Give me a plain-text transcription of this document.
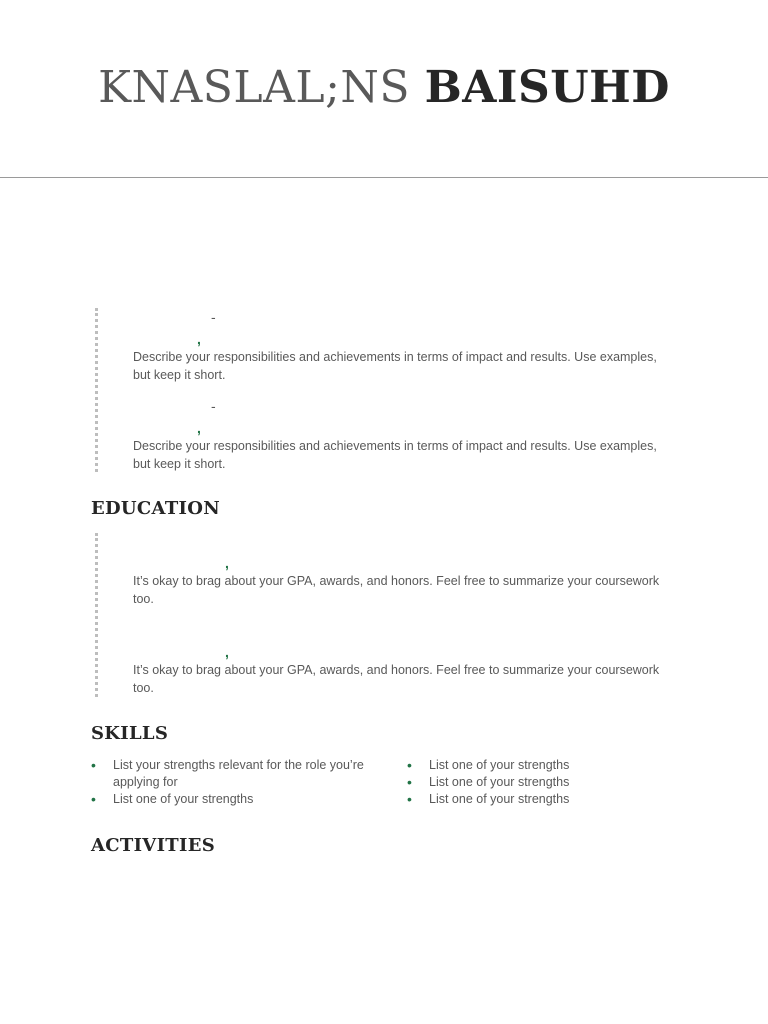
KNASLAL;NS BAISUHD
-
,
Describe your responsibilities and achievements in terms of impact and results. Use examples, but keep it short.
-
,
Describe your responsibilities and achievements in terms of impact and results. Use examples, but keep it short.
EDUCATION
,
It’s okay to brag about your GPA, awards, and honors. Feel free to summarize your coursework too.
,
It’s okay to brag about your GPA, awards, and honors. Feel free to summarize your coursework too.
SKILLS
• List your strengths relevant for the role you’re applying for
• List one of your strengths
• List one of your strengths
• List one of your strengths
• List one of your strengths
ACTIVITIES
